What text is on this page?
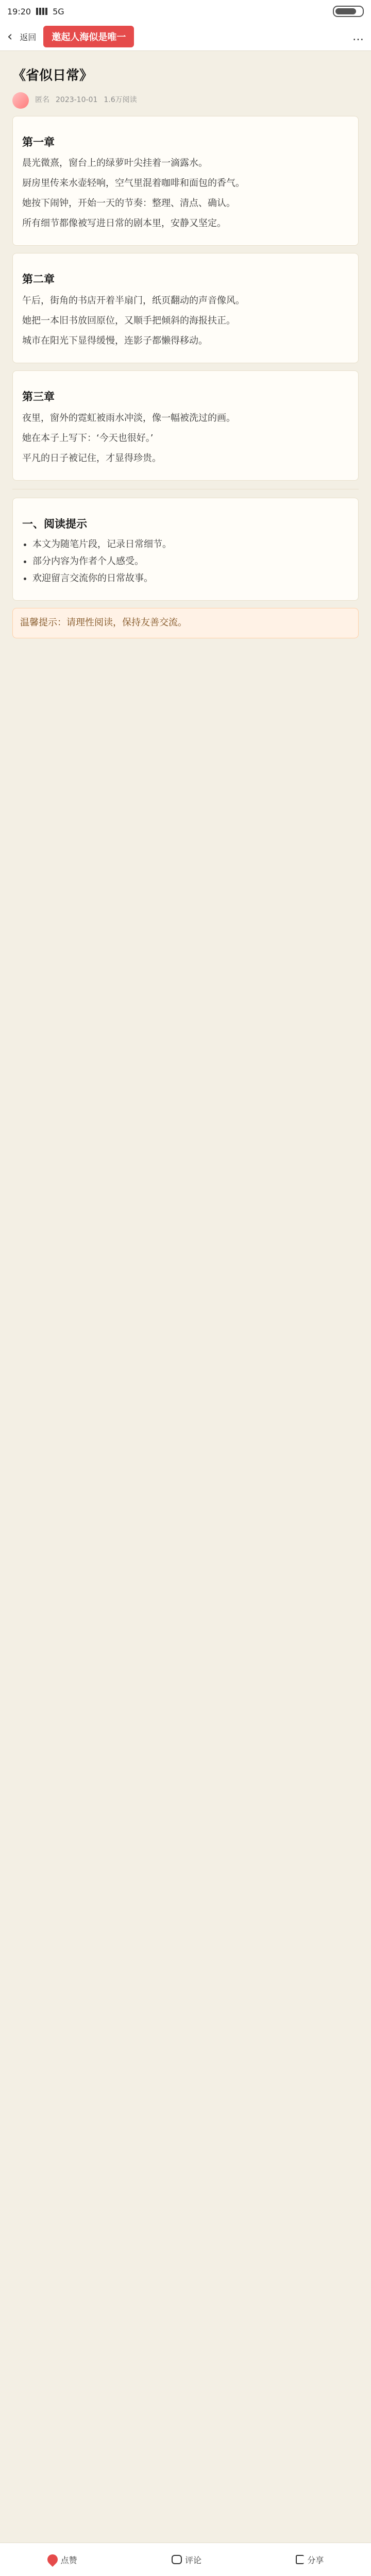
19:20	5G
‹ 返回	邀起人海似是唯一	…
《省似日常》
匿名 2023-10-01 1.6万阅读
第一章

晨光微熹，窗台上的绿萝叶尖挂着一滴露水。

厨房里传来水壶轻响，空气里混着咖啡和面包的香气。

她按下闹钟，开始一天的节奏：整理、清点、确认。

所有细节都像被写进日常的剧本里，安静又坚定。

第二章

午后，街角的书店开着半扇门，纸页翻动的声音像风。

她把一本旧书放回原位，又顺手把倾斜的海报扶正。

城市在阳光下显得缓慢，连影子都懒得移动。

第三章

夜里，窗外的霓虹被雨水冲淡，像一幅被洗过的画。

她在本子上写下：‘今天也很好。’

平凡的日子被记住，才显得珍贵。

一、阅读提示
• 本文为随笔片段，记录日常细节。
• 部分内容为作者个人感受。
• 欢迎留言交流你的日常故事。
温馨提示：请理性阅读，保持友善交流。
点赞	评论	分享
